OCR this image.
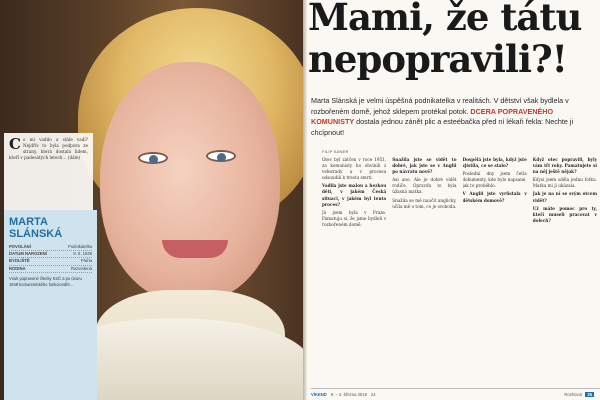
C o mi vadilo a stále vadí? Nejdřív to byla podpora ze strany, která dostala lidem, kteří v padesátých letech... (dále)
MARTA SLÁNSKÁ
POVOLÁNÍ	Podnikatelka
DATUM NAROZENÍ	8. 6. 1949
BYDLIŠTĚ	Praha
RODINA	Rozvedená
Vnuk popravené členky KSČ a po únoru 1948 komunistického funkcionáře...
Mami, že tátu
nepopravili?!

Marta Slánská je velmi úspěšná podnikatelka v realitách. V dětství však bydlela v rozbořeném domě, jehož sklepem protékal potok. DCERA POPRAVENÉHO KOMUNISTY dostala jednou zánět plic a esteébačka před ní lékaři řekla: Nechte ji chcípnout!

FILIP SANER

Otec byl zatčen v roce 1951, za komunisty ho obvinili z velezrady a v procesu odsoudili k trestu smrti.

Vadila jste malou a hezkou děti, v jakém Česká situaci, v jakém byl tento proces?

Já jsem byla v Praze. Pamatuju si, že jsme bydleli v rozbořeném domě.

Snažila jste se vidět to dobré, jak jste se v Anglii po návratu nově?

Asi ano. Ale je dobré vidět rodiče. Opravdu to byla úžasná matka.

Snažila se mě naučit anglicky, učila mě o tom, co je svoboda.

Dospělá jste byla, když jste zjistila, co se stalo?

Poslední dny jsem četla dokumenty, kde bylo napsané, jak to proběhlo.

V Anglii jste vyrůstala v dětském domově?

Když otec popravili, byly vám tři roky. Pamatujete si na něj ještě nějak?

Kdysi jsem sděla jednu fotku. Matka mi ji ukázala.

Jak je na ní se svým otcem vidět?

Už máte pomoc pro ty, kteří museli pracovat v dolech?

VÍKEND 9. – 2. března 2018 24	Rozhovor	25
